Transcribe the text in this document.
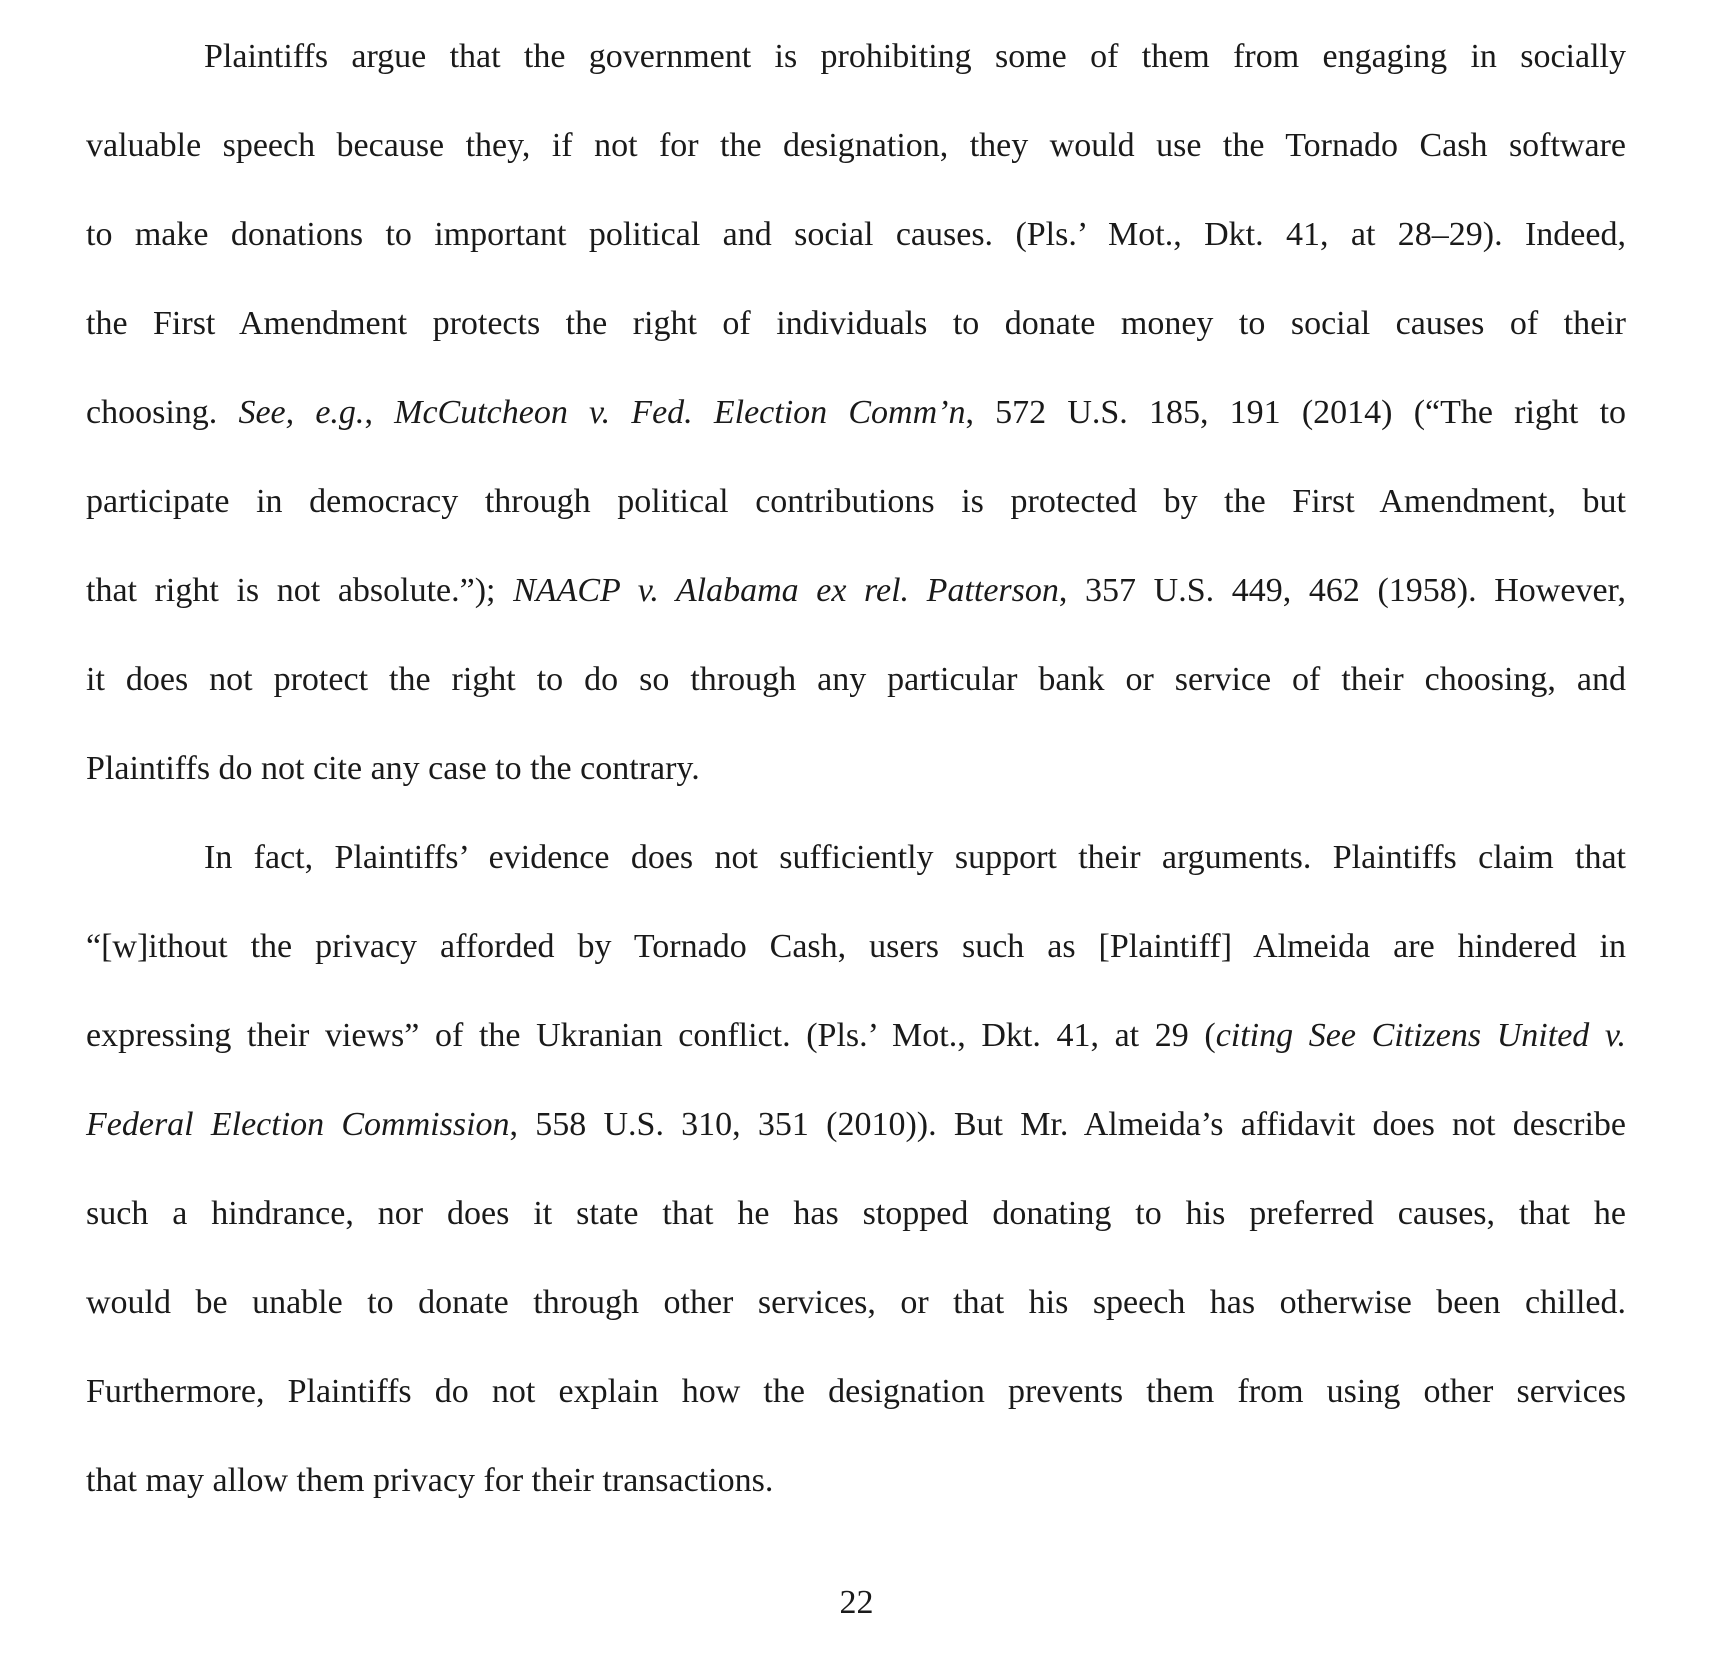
Plaintiffs argue that the government is prohibiting some of them from engaging in socially
valuable speech because they, if not for the designation, they would use the Tornado Cash software
to make donations to important political and social causes. (Pls.’ Mot., Dkt. 41, at 28–29). Indeed,
the First Amendment protects the right of individuals to donate money to social causes of their
choosing. See, e.g., McCutcheon v. Fed. Election Comm’n, 572 U.S. 185, 191 (2014) (“The right to
participate in democracy through political contributions is protected by the First Amendment, but
that right is not absolute.”); NAACP v. Alabama ex rel. Patterson, 357 U.S. 449, 462 (1958). However,
it does not protect the right to do so through any particular bank or service of their choosing, and
Plaintiffs do not cite any case to the contrary.
In fact, Plaintiffs’ evidence does not sufficiently support their arguments. Plaintiffs claim that
“[w]ithout the privacy afforded by Tornado Cash, users such as [Plaintiff] Almeida are hindered in
expressing their views” of the Ukranian conflict. (Pls.’ Mot., Dkt. 41, at 29 (citing See Citizens United v.
Federal Election Commission, 558 U.S. 310, 351 (2010)). But Mr. Almeida’s affidavit does not describe
such a hindrance, nor does it state that he has stopped donating to his preferred causes, that he
would be unable to donate through other services, or that his speech has otherwise been chilled.
Furthermore, Plaintiffs do not explain how the designation prevents them from using other services
that may allow them privacy for their transactions.
22
